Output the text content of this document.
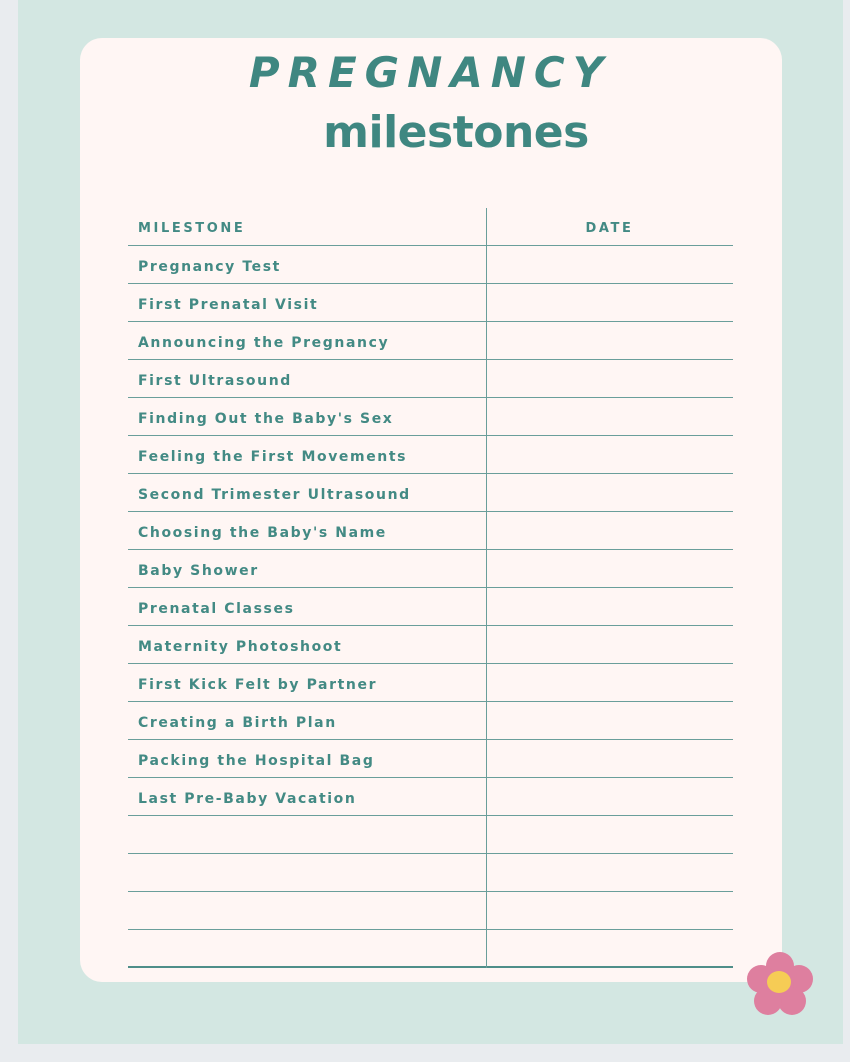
PREGNANCY
milestones
MILESTONE	DATE
Pregnancy Test
First Prenatal Visit
Announcing the Pregnancy
First Ultrasound
Finding Out the Baby's Sex
Feeling the First Movements
Second Trimester Ultrasound
Choosing the Baby's Name
Baby Shower
Prenatal Classes
Maternity Photoshoot
First Kick Felt by Partner
Creating a Birth Plan
Packing the Hospital Bag
Last Pre-Baby Vacation
